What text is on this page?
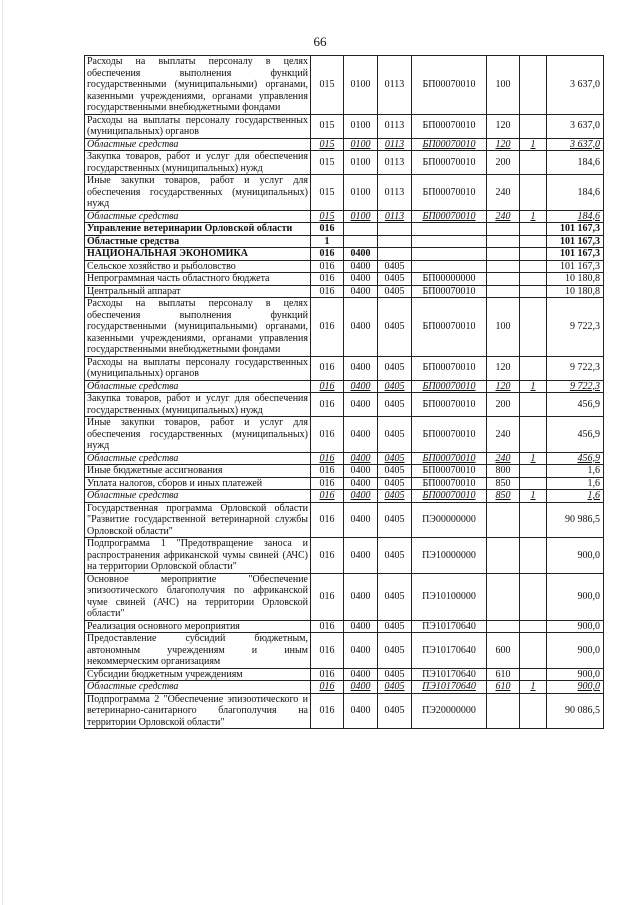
66
Расходы на выплаты персоналу в целях обеспечения выполнения функций государственными (муниципальными) органами, казенными учреждениями, органами управления государственными внебюджетными фондами	015	0100	0113	БП00070010	100		3 637,0
Расходы на выплаты персоналу государственных (муниципальных) органов	015	0100	0113	БП00070010	120		3 637,0
Областные средства	015	0100	0113	БП00070010	120	1	3 637,0
Закупка товаров, работ и услуг для обеспечения государственных (муниципальных) нужд	015	0100	0113	БП00070010	200		184,6
Иные закупки товаров, работ и услуг для обеспечения государственных (муниципальных) нужд	015	0100	0113	БП00070010	240		184,6
Областные средства	015	0100	0113	БП00070010	240	1	184,6
Управление ветеринарии Орловской области	016						101 167,3
Областные средства	1						101 167,3
НАЦИОНАЛЬНАЯ ЭКОНОМИКА	016	0400					101 167,3
Сельское хозяйство и рыболовство	016	0400	0405				101 167,3
Непрограммная часть областного бюджета	016	0400	0405	БП00000000			10 180,8
Центральный аппарат	016	0400	0405	БП00070010			10 180,8
Расходы на выплаты персоналу в целях обеспечения выполнения функций государственными (муниципальными) органами, казенными учреждениями, органами управления государственными внебюджетными фондами	016	0400	0405	БП00070010	100		9 722,3
Расходы на выплаты персоналу государственных (муниципальных) органов	016	0400	0405	БП00070010	120		9 722,3
Областные средства	016	0400	0405	БП00070010	120	1	9 722,3
Закупка товаров, работ и услуг для обеспечения государственных (муниципальных) нужд	016	0400	0405	БП00070010	200		456,9
Иные закупки товаров, работ и услуг для обеспечения государственных (муниципальных) нужд	016	0400	0405	БП00070010	240		456,9
Областные средства	016	0400	0405	БП00070010	240	1	456,9
Иные бюджетные ассигнования	016	0400	0405	БП00070010	800		1,6
Уплата налогов, сборов и иных платежей	016	0400	0405	БП00070010	850		1,6
Областные средства	016	0400	0405	БП00070010	850	1	1,6
Государственная программа Орловской области "Развитие государственной ветеринарной службы Орловской области"	016	0400	0405	ПЭ00000000			90 986,5
Подпрограмма 1 "Предотвращение заноса и распространения африканской чумы свиней (АЧС) на территории Орловской области"	016	0400	0405	ПЭ10000000			900,0
Основное мероприятие "Обеспечение эпизоотического благополучия по африканской чуме свиней (АЧС) на территории Орловской области"	016	0400	0405	ПЭ10100000			900,0
Реализация основного мероприятия	016	0400	0405	ПЭ10170640			900,0
Предоставление субсидий бюджетным, автономным учреждениям и иным некоммерческим организациям	016	0400	0405	ПЭ10170640	600		900,0
Субсидии бюджетным учреждениям	016	0400	0405	ПЭ10170640	610		900,0
Областные средства	016	0400	0405	ПЭ10170640	610	1	900,0
Подпрограмма 2 "Обеспечение эпизоотического и ветеринарно-санитарного благополучия на территории Орловской области"	016	0400	0405	ПЭ20000000			90 086,5
